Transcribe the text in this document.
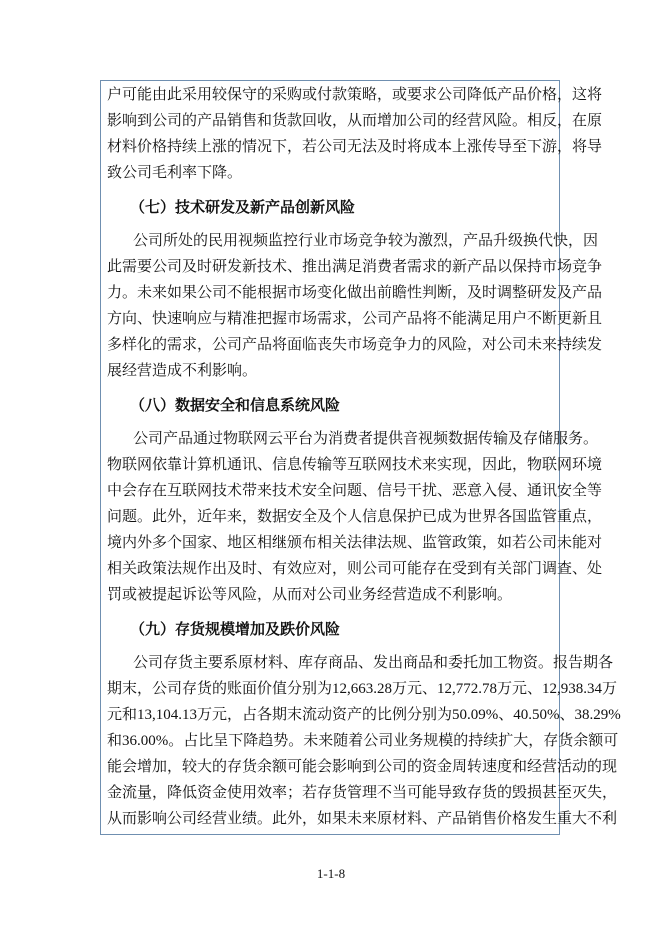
户可能由此采用较保守的采购或付款策略，或要求公司降低产品价格，这将
影响到公司的产品销售和货款回收，从而增加公司的经营风险。相反，在原
材料价格持续上涨的情况下，若公司无法及时将成本上涨传导至下游，将导
致公司毛利率下降。
（七）技术研发及新产品创新风险
公司所处的民用视频监控行业市场竞争较为激烈，产品升级换代快，因
此需要公司及时研发新技术、推出满足消费者需求的新产品以保持市场竞争
力。未来如果公司不能根据市场变化做出前瞻性判断，及时调整研发及产品
方向、快速响应与精准把握市场需求，公司产品将不能满足用户不断更新且
多样化的需求，公司产品将面临丧失市场竞争力的风险，对公司未来持续发
展经营造成不利影响。
（八）数据安全和信息系统风险
公司产品通过物联网云平台为消费者提供音视频数据传输及存储服务。
物联网依靠计算机通讯、信息传输等互联网技术来实现，因此，物联网环境
中会存在互联网技术带来技术安全问题、信号干扰、恶意入侵、通讯安全等
问题。此外，近年来，数据安全及个人信息保护已成为世界各国监管重点，
境内外多个国家、地区相继颁布相关法律法规、监管政策，如若公司未能对
相关政策法规作出及时、有效应对，则公司可能存在受到有关部门调查、处
罚或被提起诉讼等风险，从而对公司业务经营造成不利影响。
（九）存货规模增加及跌价风险
公司存货主要系原材料、库存商品、发出商品和委托加工物资。报告期各
期末，公司存货的账面价值分别为12,663.28万元、12,772.78万元、12,938.34万
元和13,104.13万元，占各期末流动资产的比例分别为50.09%、40.50%、38.29%
和36.00%。占比呈下降趋势。未来随着公司业务规模的持续扩大，存货余额可
能会增加，较大的存货余额可能会影响到公司的资金周转速度和经营活动的现
金流量，降低资金使用效率；若存货管理不当可能导致存货的毁损甚至灭失，
从而影响公司经营业绩。此外，如果未来原材料、产品销售价格发生重大不利
1-1-8
